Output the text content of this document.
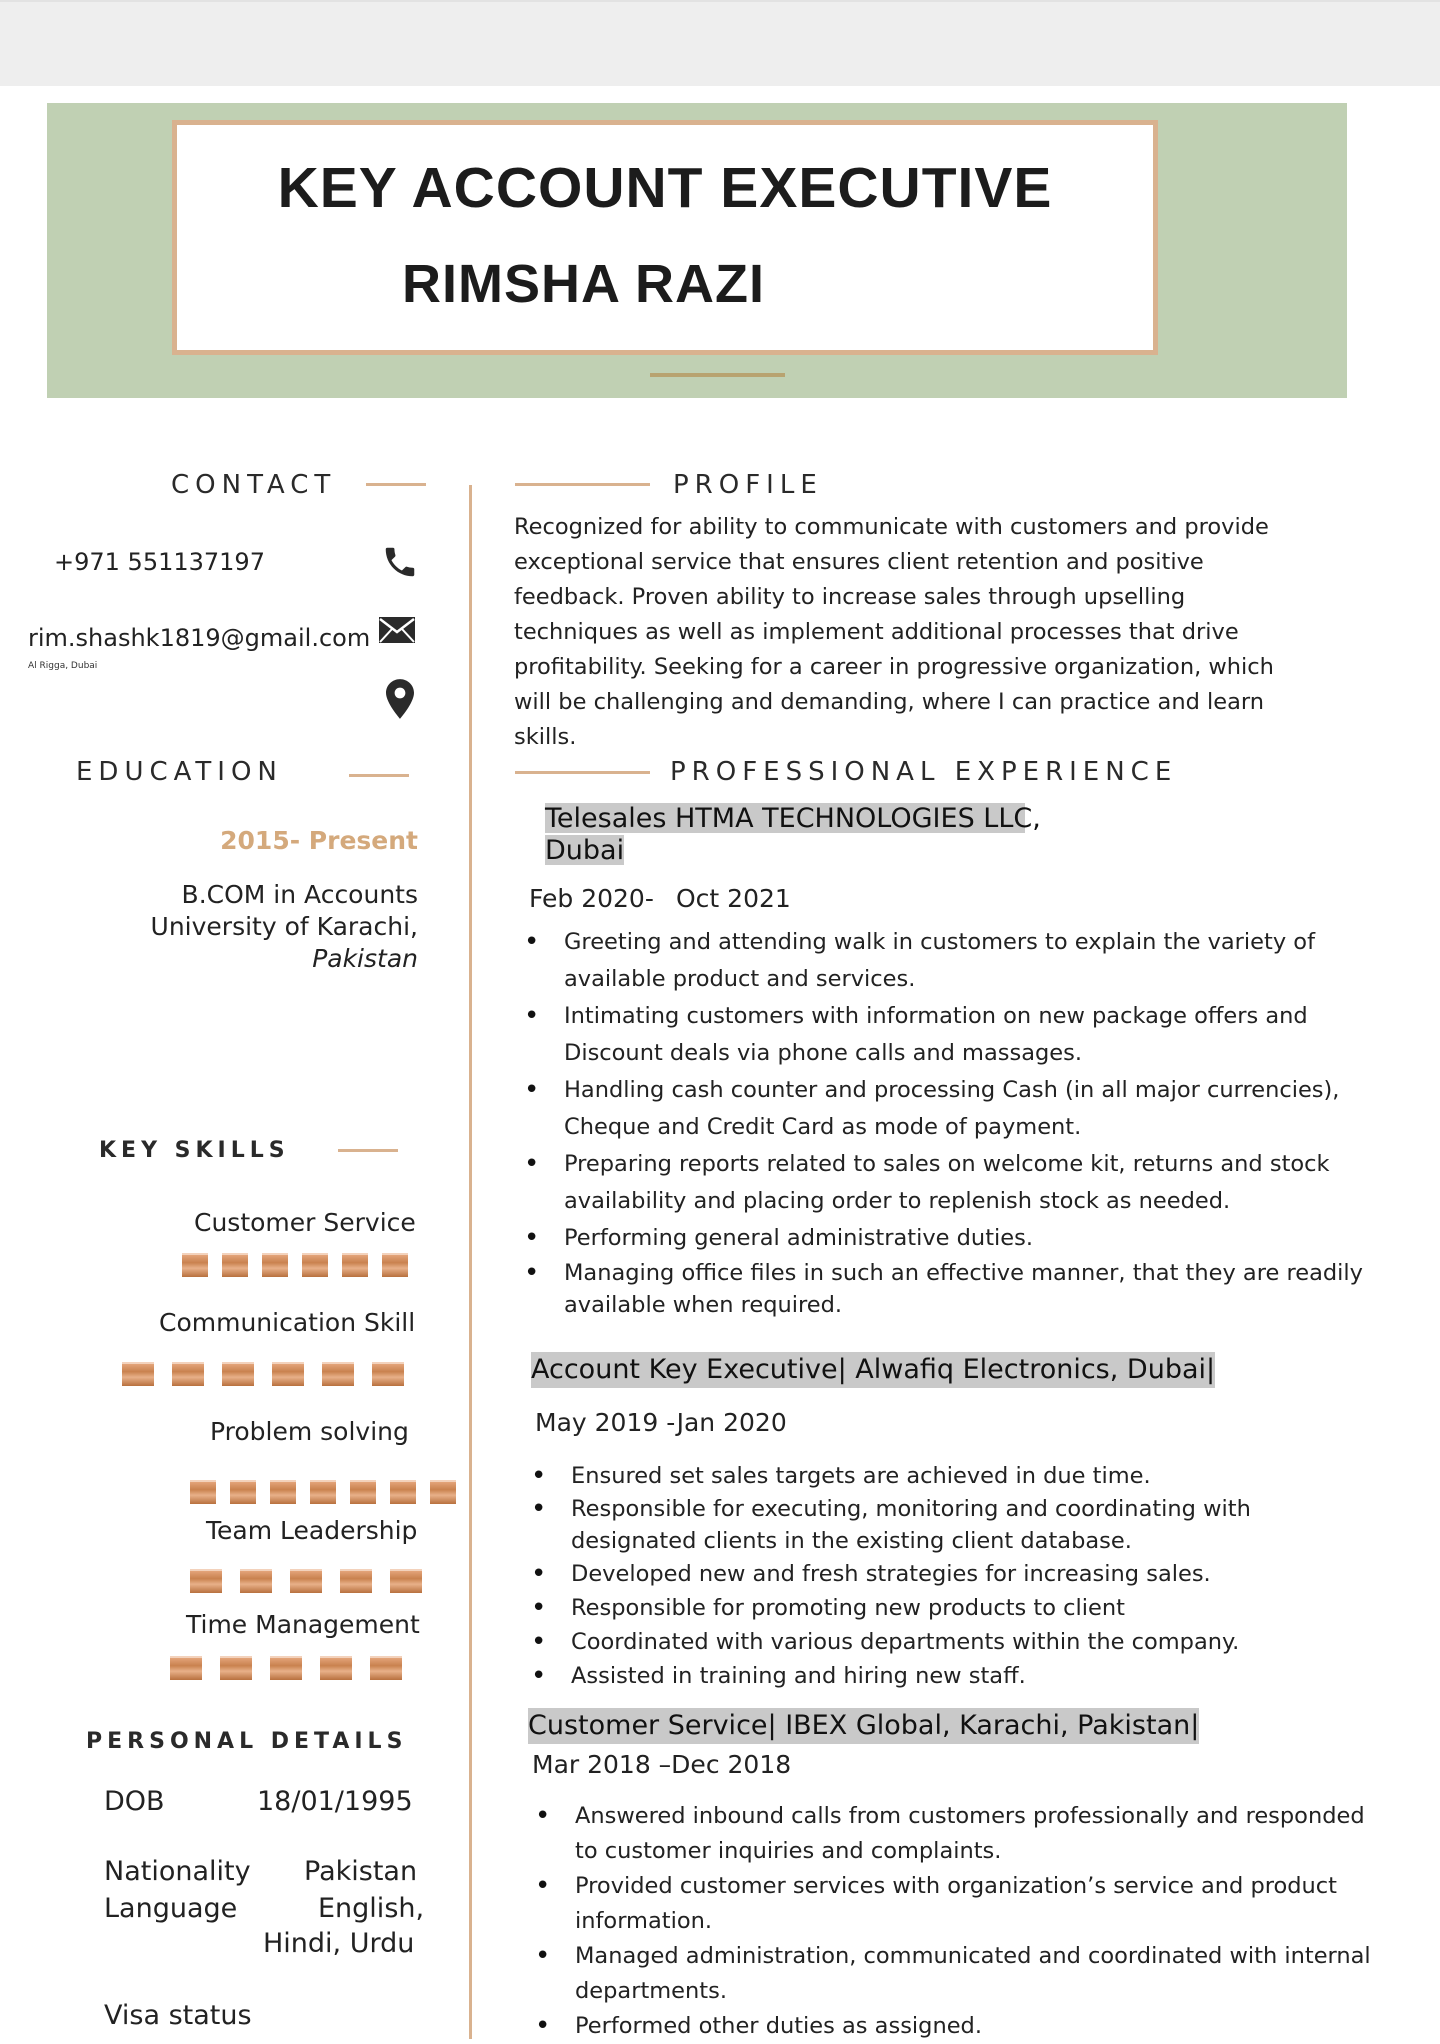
KEY ACCOUNT EXECUTIVE
RIMSHA RAZI
CONTACT
+971 551137197
rim.shashk1819@gmail.com
Al Rigga, Dubai
EDUCATION
2015- Present
B.COM in Accounts
University of Karachi,
Pakistan
KEY SKILLS
Customer Service
Communication Skill
Problem solving
Team Leadership
Time Management
PERSONAL DETAILS
DOB	18/01/1995
Nationality Pakistan
Language	English,
Hindi, Urdu
Visa status
PROFILE

Recognized for ability to communicate with customers and provide exceptional service that ensures client retention and positive feedback. Proven ability to increase sales through upselling techniques as well as implement additional processes that drive profitability. Seeking for a career in progressive organization, which will be challenging and demanding, where I can practice and learn skills.

PROFESSIONAL EXPERIENCE
Telesales HTMA TECHNOLOGIES LLC,
Dubai
Feb 2020- Oct 2021
• Greeting and attending walk in customers to explain the variety of available product and services.
• Intimating customers with information on new package offers and Discount deals via phone calls and massages.
• Handling cash counter and processing Cash (in all major currencies), Cheque and Credit Card as mode of payment.
• Preparing reports related to sales on welcome kit, returns and stock availability and placing order to replenish stock as needed.
• Performing general administrative duties.
• Managing office files in such an effective manner, that they are readily available when required.
Account Key Executive| Alwafiq Electronics, Dubai|
May 2019 -Jan 2020
• Ensured set sales targets are achieved in due time.
• Responsible for executing, monitoring and coordinating with designated clients in the existing client database.
• Developed new and fresh strategies for increasing sales.
• Responsible for promoting new products to client
• Coordinated with various departments within the company.
• Assisted in training and hiring new staff.
Customer Service| IBEX Global, Karachi, Pakistan|
Mar 2018 –Dec 2018
• Answered inbound calls from customers professionally and responded to customer inquiries and complaints.
• Provided customer services with organization’s service and product information.
• Managed administration, communicated and coordinated with internal departments.
• Performed other duties as assigned.
